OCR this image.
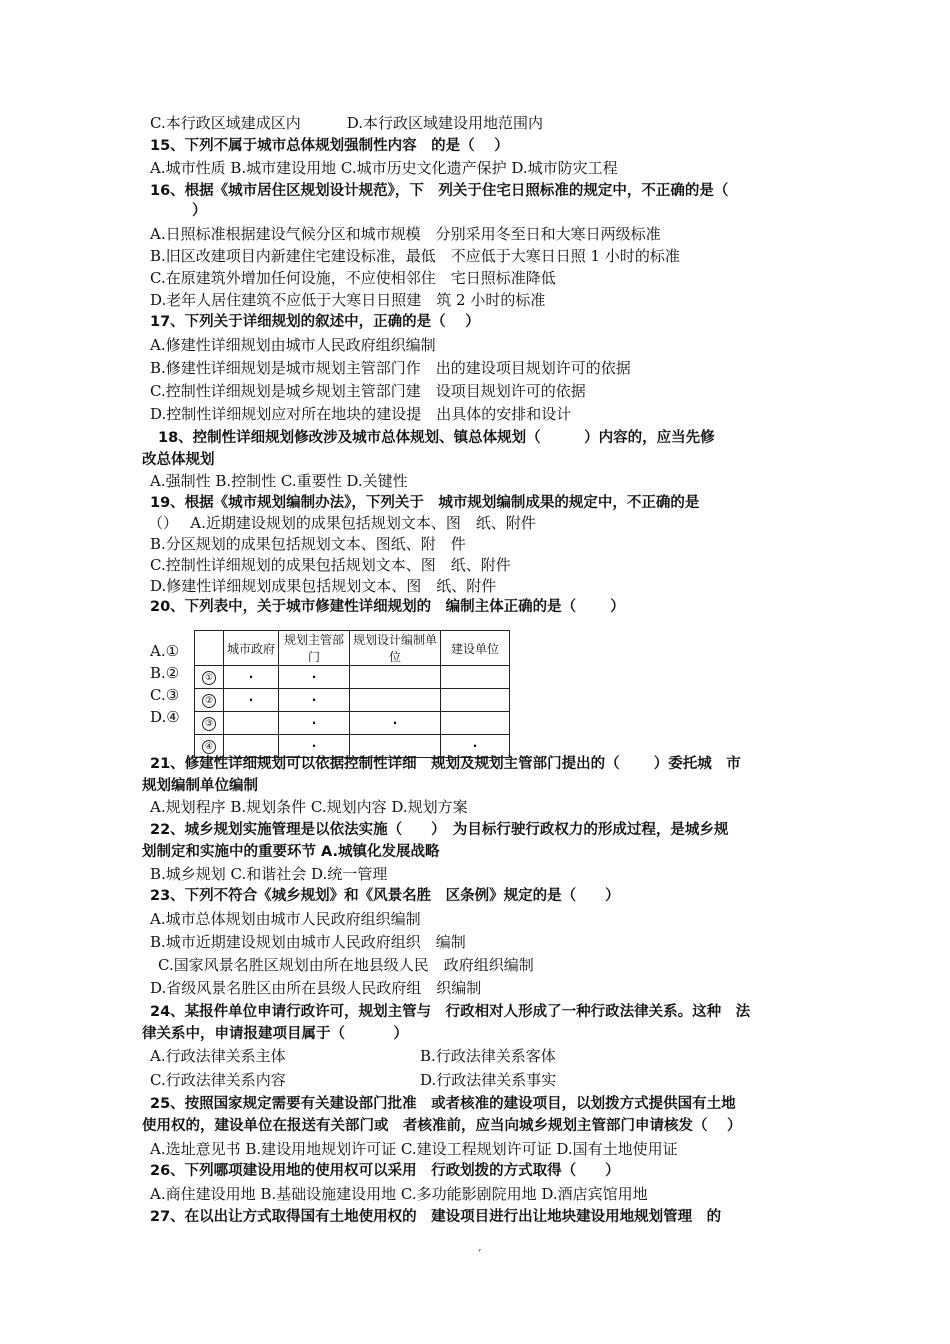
C.本行政区域建成区内	D.本行政区域建设用地范围内
15、下列不属于城市总体规划强制性内容　的是（　 ）
A.城市性质 B.城市建设用地 C.城市历史文化遗产保护 D.城市防灾工程
16、根据《城市居住区规划设计规范》，下　列关于住宅日照标准的规定中，不正确的是（
）
A.日照标准根据建设气候分区和城市规模　分别采用冬至日和大寒日两级标准
B.旧区改建项目内新建住宅建设标准，最低　不应低于大寒日日照 1 小时的标准
C.在原建筑外增加任何设施，不应使相邻住　宅日照标准降低
D.老年人居住建筑不应低于大寒日日照建　筑 2 小时的标准
17、下列关于详细规划的叙述中，正确的是（　 ）
A.修建性详细规划由城市人民政府组织编制
B.修建性详细规划是城市规划主管部门作　出的建设项目规划许可的依据
C.控制性详细规划是城乡规划主管部门建　设项目规划许可的依据
D.控制性详细规划应对所在地块的建设提　出具体的安排和设计
18、控制性详细规划修改涉及城市总体规划、镇总体规划（　　　）内容的，应当先修
改总体规划
A.强制性 B.控制性 C.重要性 D.关键性
19、根据《城市规划编制办法》，下列关于　城市规划编制成果的规定中，不正确的是
（）　 A.近期建设规划的成果包括规划文本、图　纸、附件
B.分区规划的成果包括规划文本、图纸、附　件
C.控制性详细规划的成果包括规划文本、图　纸、附件
D.修建性详细规划成果包括规划文本、图　纸、附件
20、下列表中，关于城市修建性详细规划的　编制主体正确的是（　　 ）
A.①
B.②
C.③
D.④
	城市政府	规划主管部门	规划设计编制单位	建设单位
①	·	·		
②	·	·		
③		·	·	
④		·		·
21、修建性详细规划可以依据控制性详细　规划及规划主管部门提出的（　　 ）委托城　市
规划编制单位编制
A.规划程序 B.规划条件 C.规划内容 D.规划方案
22、城乡规划实施管理是以依法实施（　　）　为目标行驶行政权力的形成过程，是城乡规
划制定和实施中的重要环节 A.城镇化发展战略
B.城乡规划 C.和谐社会 D.统一管理
23、下列不符合《城乡规划》和《风景名胜　区条例》规定的是（　　）
A.城市总体规划由城市人民政府组织编制
B.城市近期建设规划由城市人民政府组织　编制
C.国家风景名胜区规划由所在地县级人民　政府组织编制
D.省级风景名胜区由所在县级人民政府组　织编制
24、某报件单位申请行政许可，规划主管与　行政相对人形成了一种行政法律关系。这种　法
律关系中，申请报建项目属于（　　　 ）
A.行政法律关系主体	B.行政法律关系客体
C.行政法律关系内容	D.行政法律关系事实
25、按照国家规定需要有关建设部门批准　或者核准的建设项目，以划拨方式提供国有土地
使用权的，建设单位在报送有关部门或　者核准前，应当向城乡规划主管部门申请核发（　 ）
A.选址意见书 B.建设用地规划许可证 C.建设工程规划许可证 D.国有土地使用证
26、下列哪项建设用地的使用权可以采用　行政划拨的方式取得（　　）
A.商住建设用地 B.基础设施建设用地 C.多功能影剧院用地 D.酒店宾馆用地
27、在以出让方式取得国有土地使用权的　建设项目进行出让地块建设用地规划管理　的
ˊ
